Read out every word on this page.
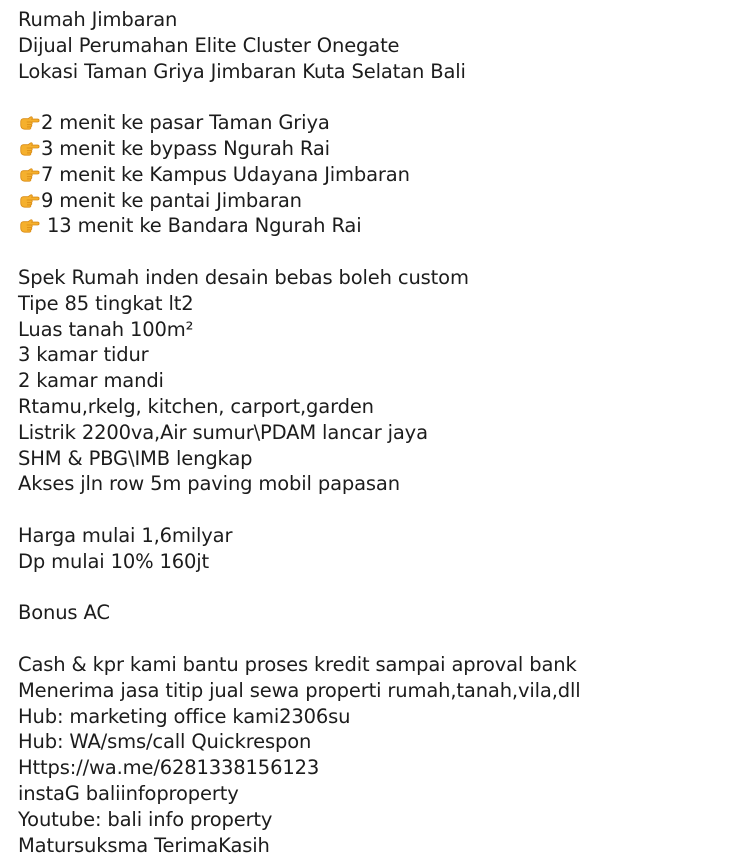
Rumah Jimbaran
Dijual Perumahan Elite Cluster Onegate
Lokasi Taman Griya Jimbaran Kuta Selatan Bali
2 menit ke pasar Taman Griya
3 menit ke bypass Ngurah Rai
7 menit ke Kampus Udayana Jimbaran
9 menit ke pantai Jimbaran
13 menit ke Bandara Ngurah Rai
Spek Rumah inden desain bebas boleh custom
Tipe 85 tingkat lt2
Luas tanah 100m²
3 kamar tidur
2 kamar mandi
Rtamu,rkelg, kitchen, carport,garden
Listrik 2200va,Air sumur\PDAM lancar jaya
SHM & PBG\IMB lengkap
Akses jln row 5m paving mobil papasan
Harga mulai 1,6milyar
Dp mulai 10% 160jt
Bonus AC
Cash & kpr kami bantu proses kredit sampai aproval bank
Menerima jasa titip jual sewa properti rumah,tanah,vila,dll
Hub: marketing office kami2306su
Hub: WA/sms/call Quickrespon
Https://wa.me/6281338156123
instaG baliinfoproperty
Youtube: bali info property
Matursuksma TerimaKasih
